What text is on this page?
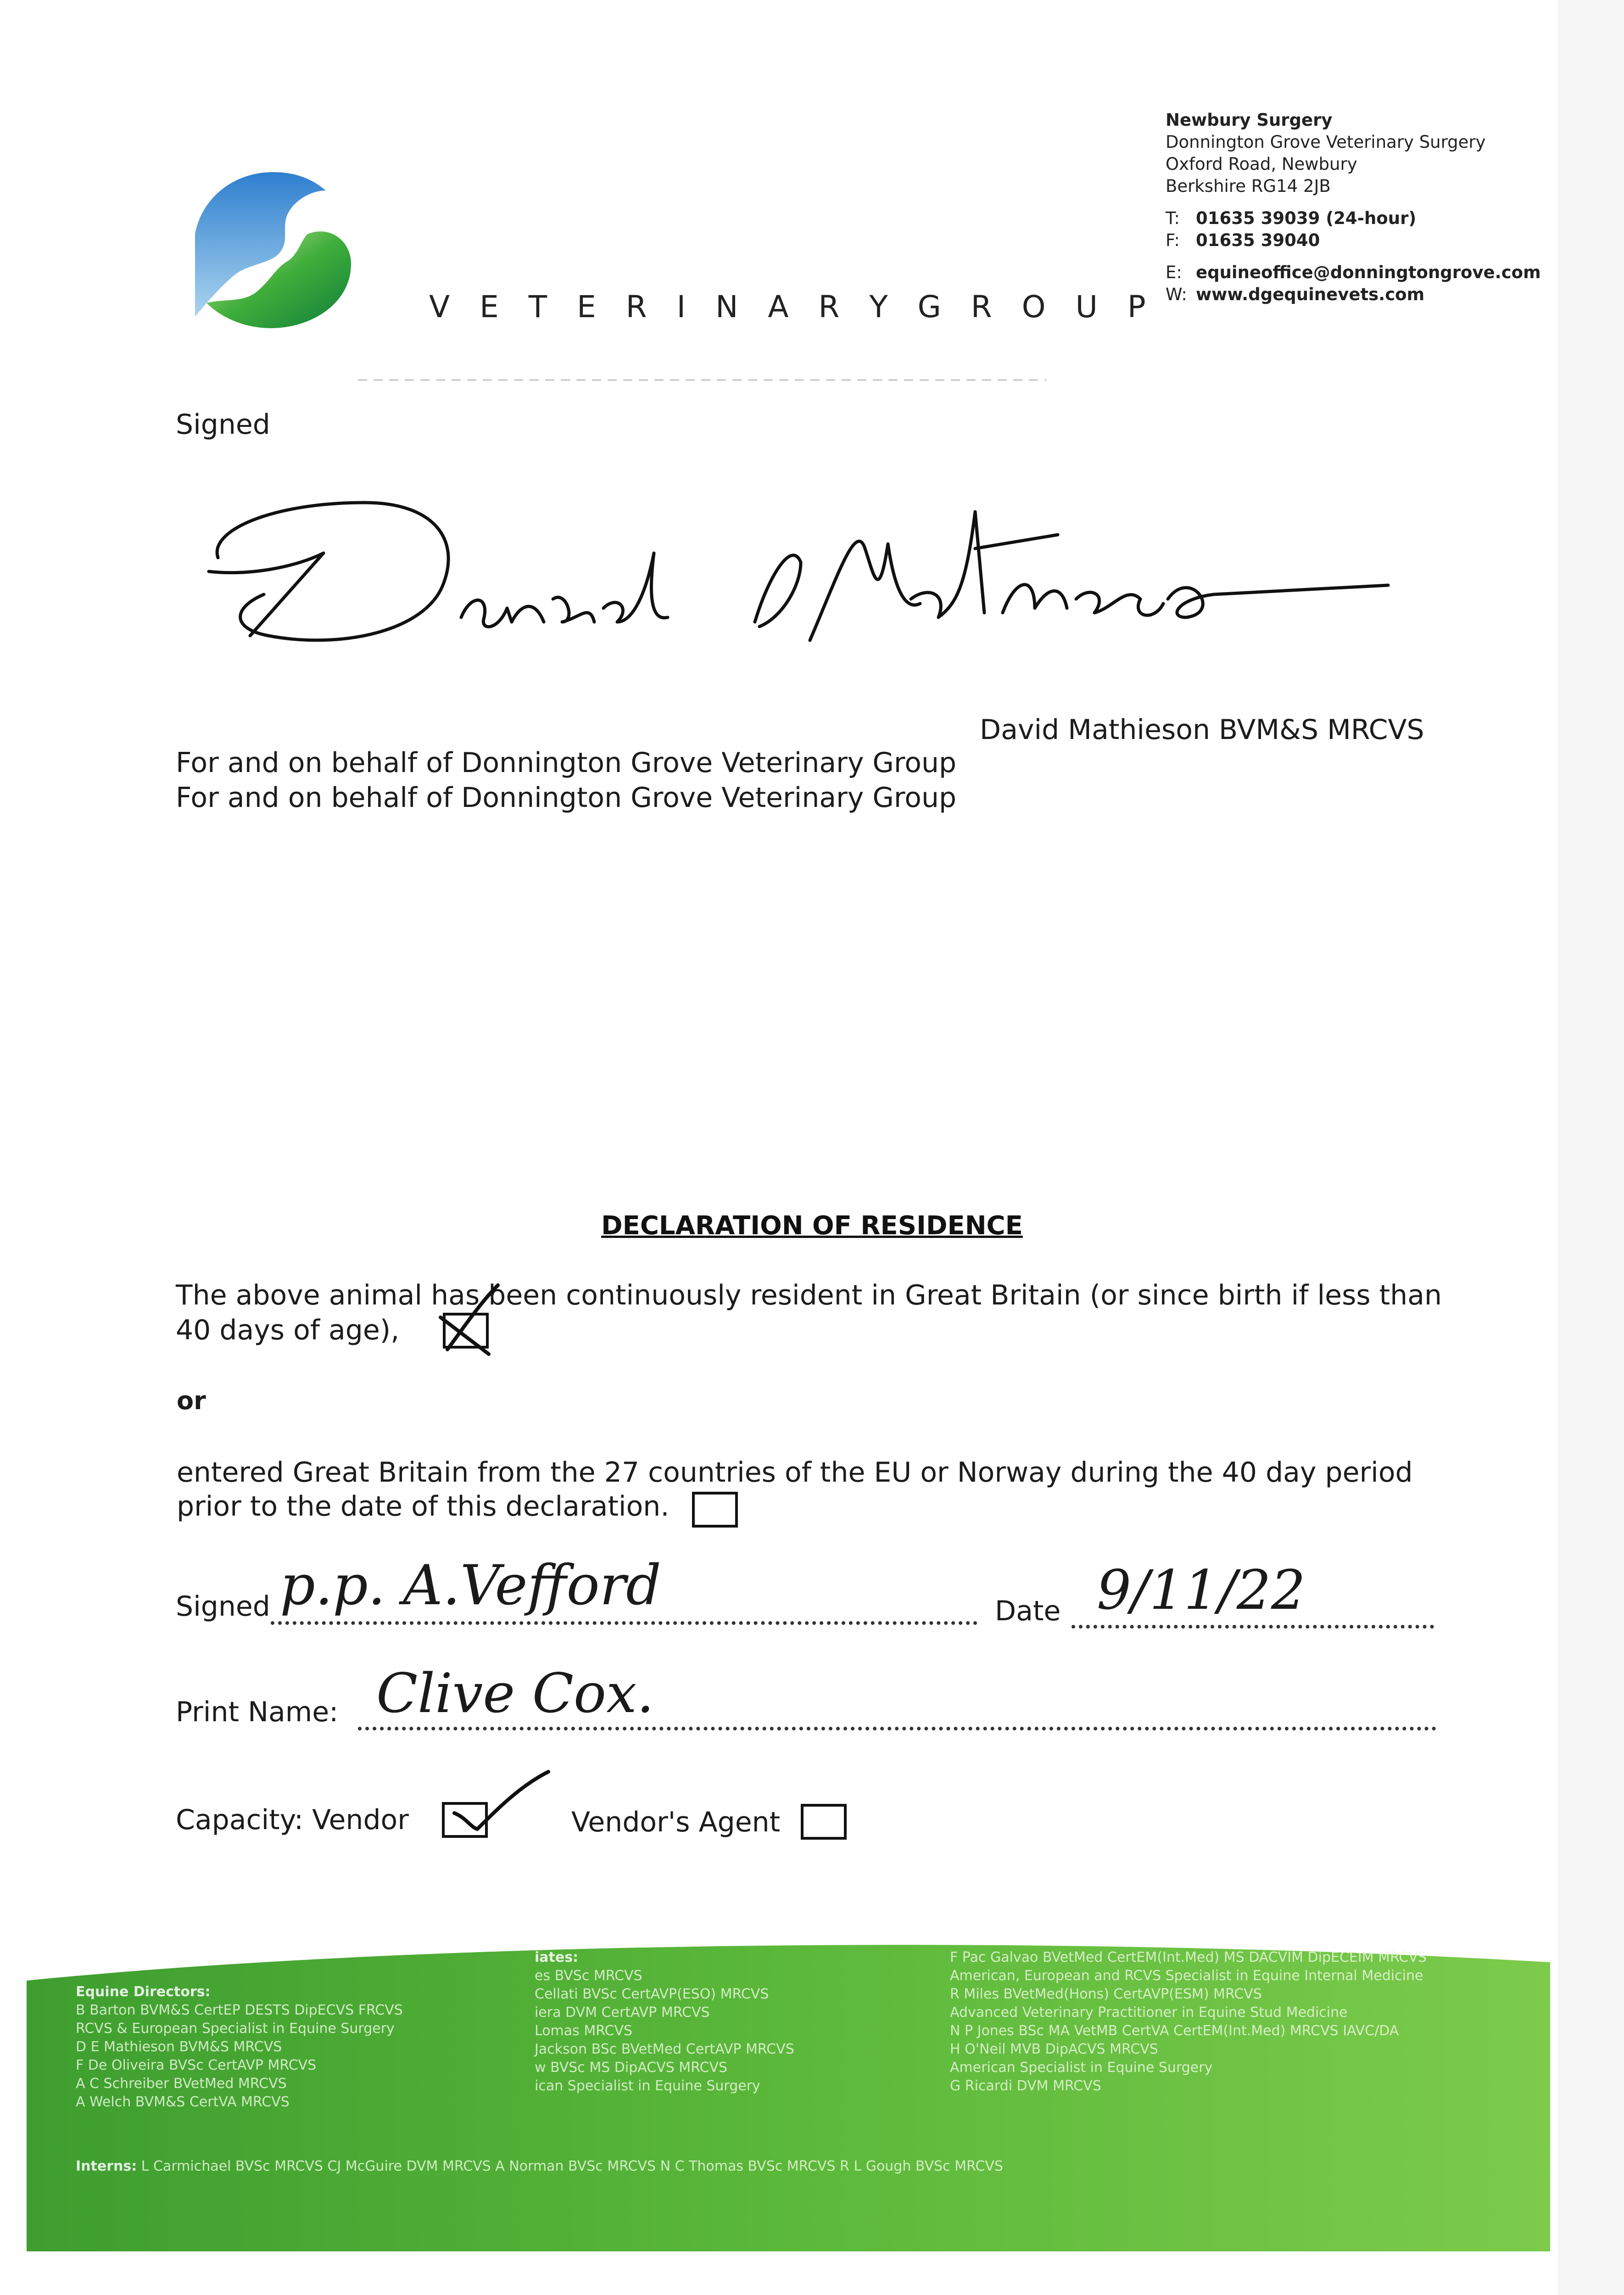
V E T E R I N A R Y G R O U P
Newbury Surgery
Donnington Grove Veterinary Surgery
Oxford Road, Newbury
Berkshire RG14 2JB
T: 01635 39039 (24-hour)
F: 01635 39040
E: equineoffice@donningtongrove.com
W: www.dgequinevets.com
Signed
David Mathieson BVM&S MRCVS
For and on behalf of Donnington Grove Veterinary Group
For and on behalf of Donnington Grove Veterinary Group
DECLARATION OF RESIDENCE
The above animal has been continuously resident in Great Britain (or since birth if less than
40 days of age),
or
entered Great Britain from the 27 countries of the EU or Norway during the 40 day period
prior to the date of this declaration.
Signed p.p. A.Vefford	Date 9/11/22
Print Name: Clive Cox.
Capacity: Vendor	Vendor's Agent
Equine Directors:
B Barton BVM&S CertEP DESTS DipECVS FRCVS
RCVS & European Specialist in Equine Surgery
D E Mathieson BVM&S MRCVS
F De Oliveira BVSc CertAVP MRCVS
A C Schreiber BVetMed MRCVS
A Welch BVM&S CertVA MRCVS
iates:
es BVSc MRCVS
Cellati BVSc CertAVP(ESO) MRCVS
iera DVM CertAVP MRCVS
Lomas MRCVS
Jackson BSc BVetMed CertAVP MRCVS
w BVSc MS DipACVS MRCVS
ican Specialist in Equine Surgery
F Pac Galvao BVetMed CertEM(Int.Med) MS DACVIM DipECEIM MRCVS
American, European and RCVS Specialist in Equine Internal Medicine
R Miles BVetMed(Hons) CertAVP(ESM) MRCVS
Advanced Veterinary Practitioner in Equine Stud Medicine
N P Jones BSc MA VetMB CertVA CertEM(Int.Med) MRCVS IAVC/DA
H O'Neil MVB DipACVS MRCVS
American Specialist in Equine Surgery
G Ricardi DVM MRCVS
Interns: L Carmichael BVSc MRCVS CJ McGuire DVM MRCVS A Norman BVSc MRCVS N C Thomas BVSc MRCVS R L Gough BVSc MRCVS
